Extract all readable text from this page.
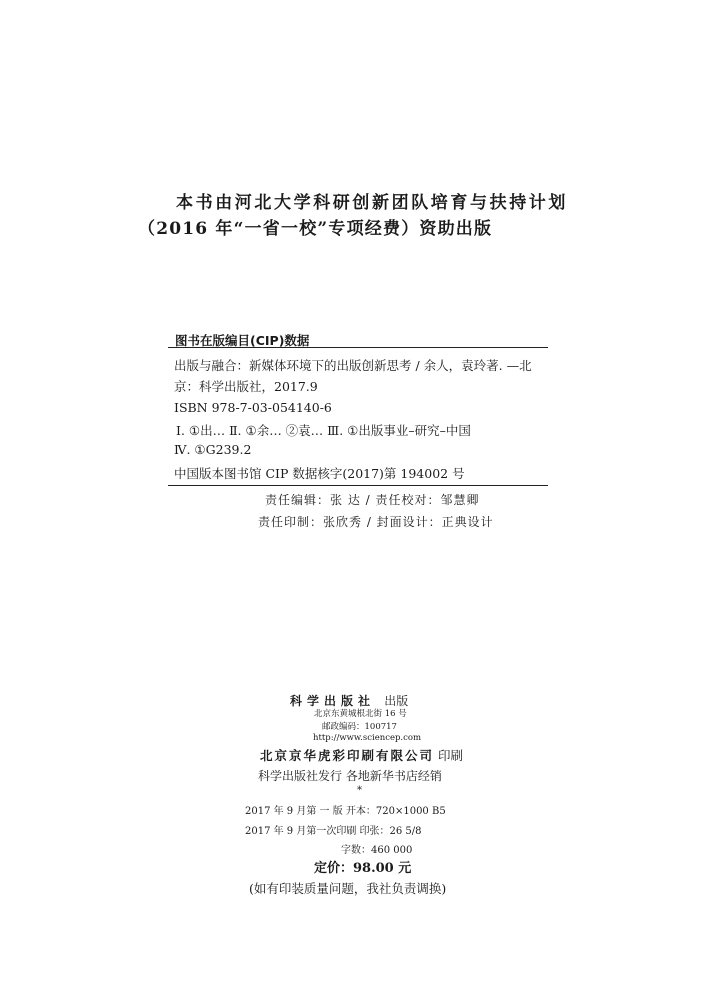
本书由河北大学科研创新团队培育与扶持计划
（2016 年“一省一校”专项经费）资助出版
图书在版编目(CIP)数据
出版与融合：新媒体环境下的出版创新思考 / 余人，袁玲著. —北
京：科学出版社，2017.9
ISBN 978-7-03-054140-6
Ⅰ. ①出… Ⅱ. ①余… ②袁… Ⅲ. ①出版事业–研究–中国
Ⅳ. ①G239.2
中国版本图书馆 CIP 数据核字(2017)第 194002 号
责任编辑：张 达 / 责任校对：邹慧卿
责任印制：张欣秀 / 封面设计：正典设计
科学出版社 出版
北京东黄城根北街 16 号
邮政编码：100717
http://www.sciencep.com
北京京华虎彩印刷有限公司 印刷
科学出版社发行 各地新华书店经销
*
2017 年 9 月第 一 版 开本：720×1000 B5
2017 年 9 月第一次印刷 印张：26 5/8
字数：460 000
定价：98.00 元
(如有印装质量问题，我社负责调换)
